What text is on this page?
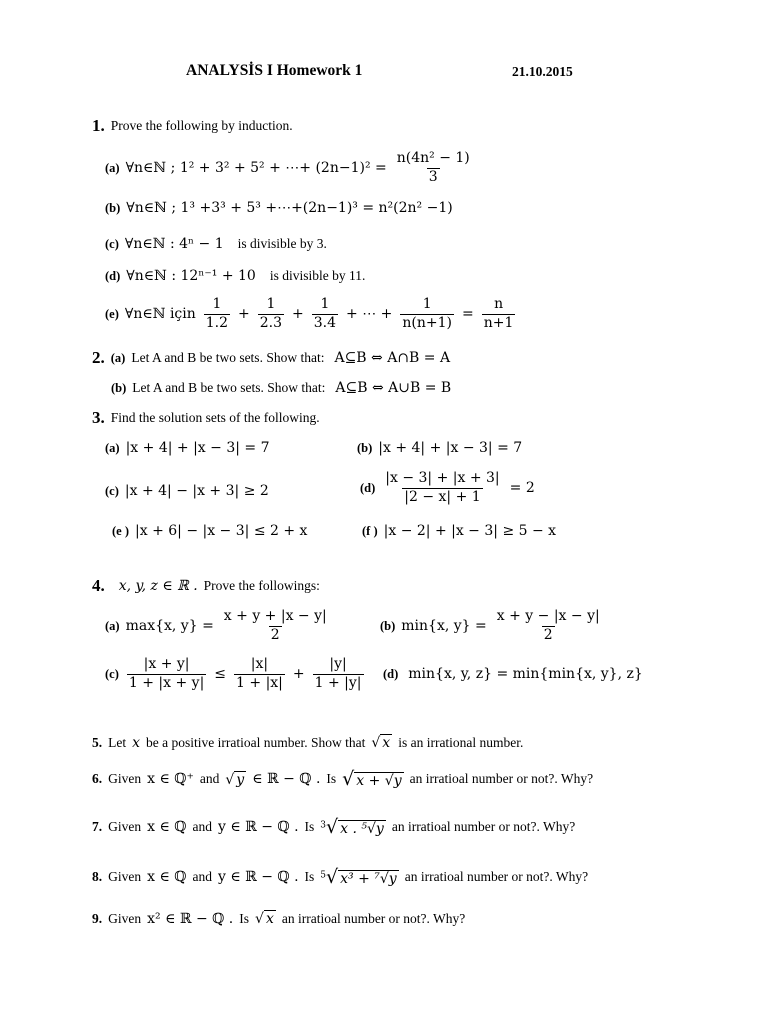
ANALYSİS I Homework 1	21.10.2015
1. Prove the following by induction.
(a) ∀n∈ℕ ; 1² + 3² + 5² + ⋯+ $(2n-1)^2 = \frac{\text{n(4n² − 1)}}{3}$
(b) ∀n∈ℕ ; 1³ +3³ + 5³ +⋯+(2n−1)³ = n²(2n² −1)
(c) ∀n∈ℕ : 4ⁿ − 1 is divisible by 3.
(d) ∀n∈ℕ : 12ⁿ⁻¹ + 10 is divisible by 11.
(e) ∀n∈ℕ için $\frac{1}{1.2} + \frac{1}{2.3} + \frac{1}{3.4}$ + ⋯ + $\frac{1}{n(n+1)} = \frac{n}{n+1}$
2. (a) Let A and B be two sets. Show that: A⊆B ⇔ A∩B = A
(b) Let A and B be two sets. Show that: A⊆B ⇔ A∪B = B
3. Find the solution sets of the following.
(a) |x + 4| + |x − 3| = 7	(b) |x + 4| + |x − 3| = 7
(c) |x + 4| − |x + 3| ≥ 2	$(d) \frac{|x - 3| + |x + 3|}{|2 - x| + 1} = 2$
(e ) |x + 6| − |x − 3| ≤ 2 + x	(f ) |x − 2| + |x − 3| ≥ 5 − x
4. x, y, z ∈ ℝ . Prove the followings:
(a) max{x, $y\} = \frac{x + y + |x - y|}{2}$	(b) min{x, $y\} = \frac{x + y - |x - y|}{2}$
$(c) \frac{|x + y|}{1 + |x + y|} \le \frac{|x|}{1 + |x|} + \frac{|y|}{1 + |y|} (d)$ min{x, y, z} = min{min{x, y}, z}
5. Let x be a positive irratioal number. Show that √ x is an irrational number.
6. Given x ∈ ℚ⁺ and √ y ∈ ℝ − ℚ . Is √ x + √y an irratioal number or not?. Why?
7. Given x ∈ ℚ and y ∈ ℝ − ℚ . Is $^3$√ x . ⁵√y an irratioal number or not?. Why?
8. Given x ∈ ℚ and y ∈ ℝ − ℚ . Is $^5$√ x³ + ⁷√y an irratioal number or not?. Why?
9. Given x² ∈ ℝ − ℚ . Is √ x an irratioal number or not?. Why?
